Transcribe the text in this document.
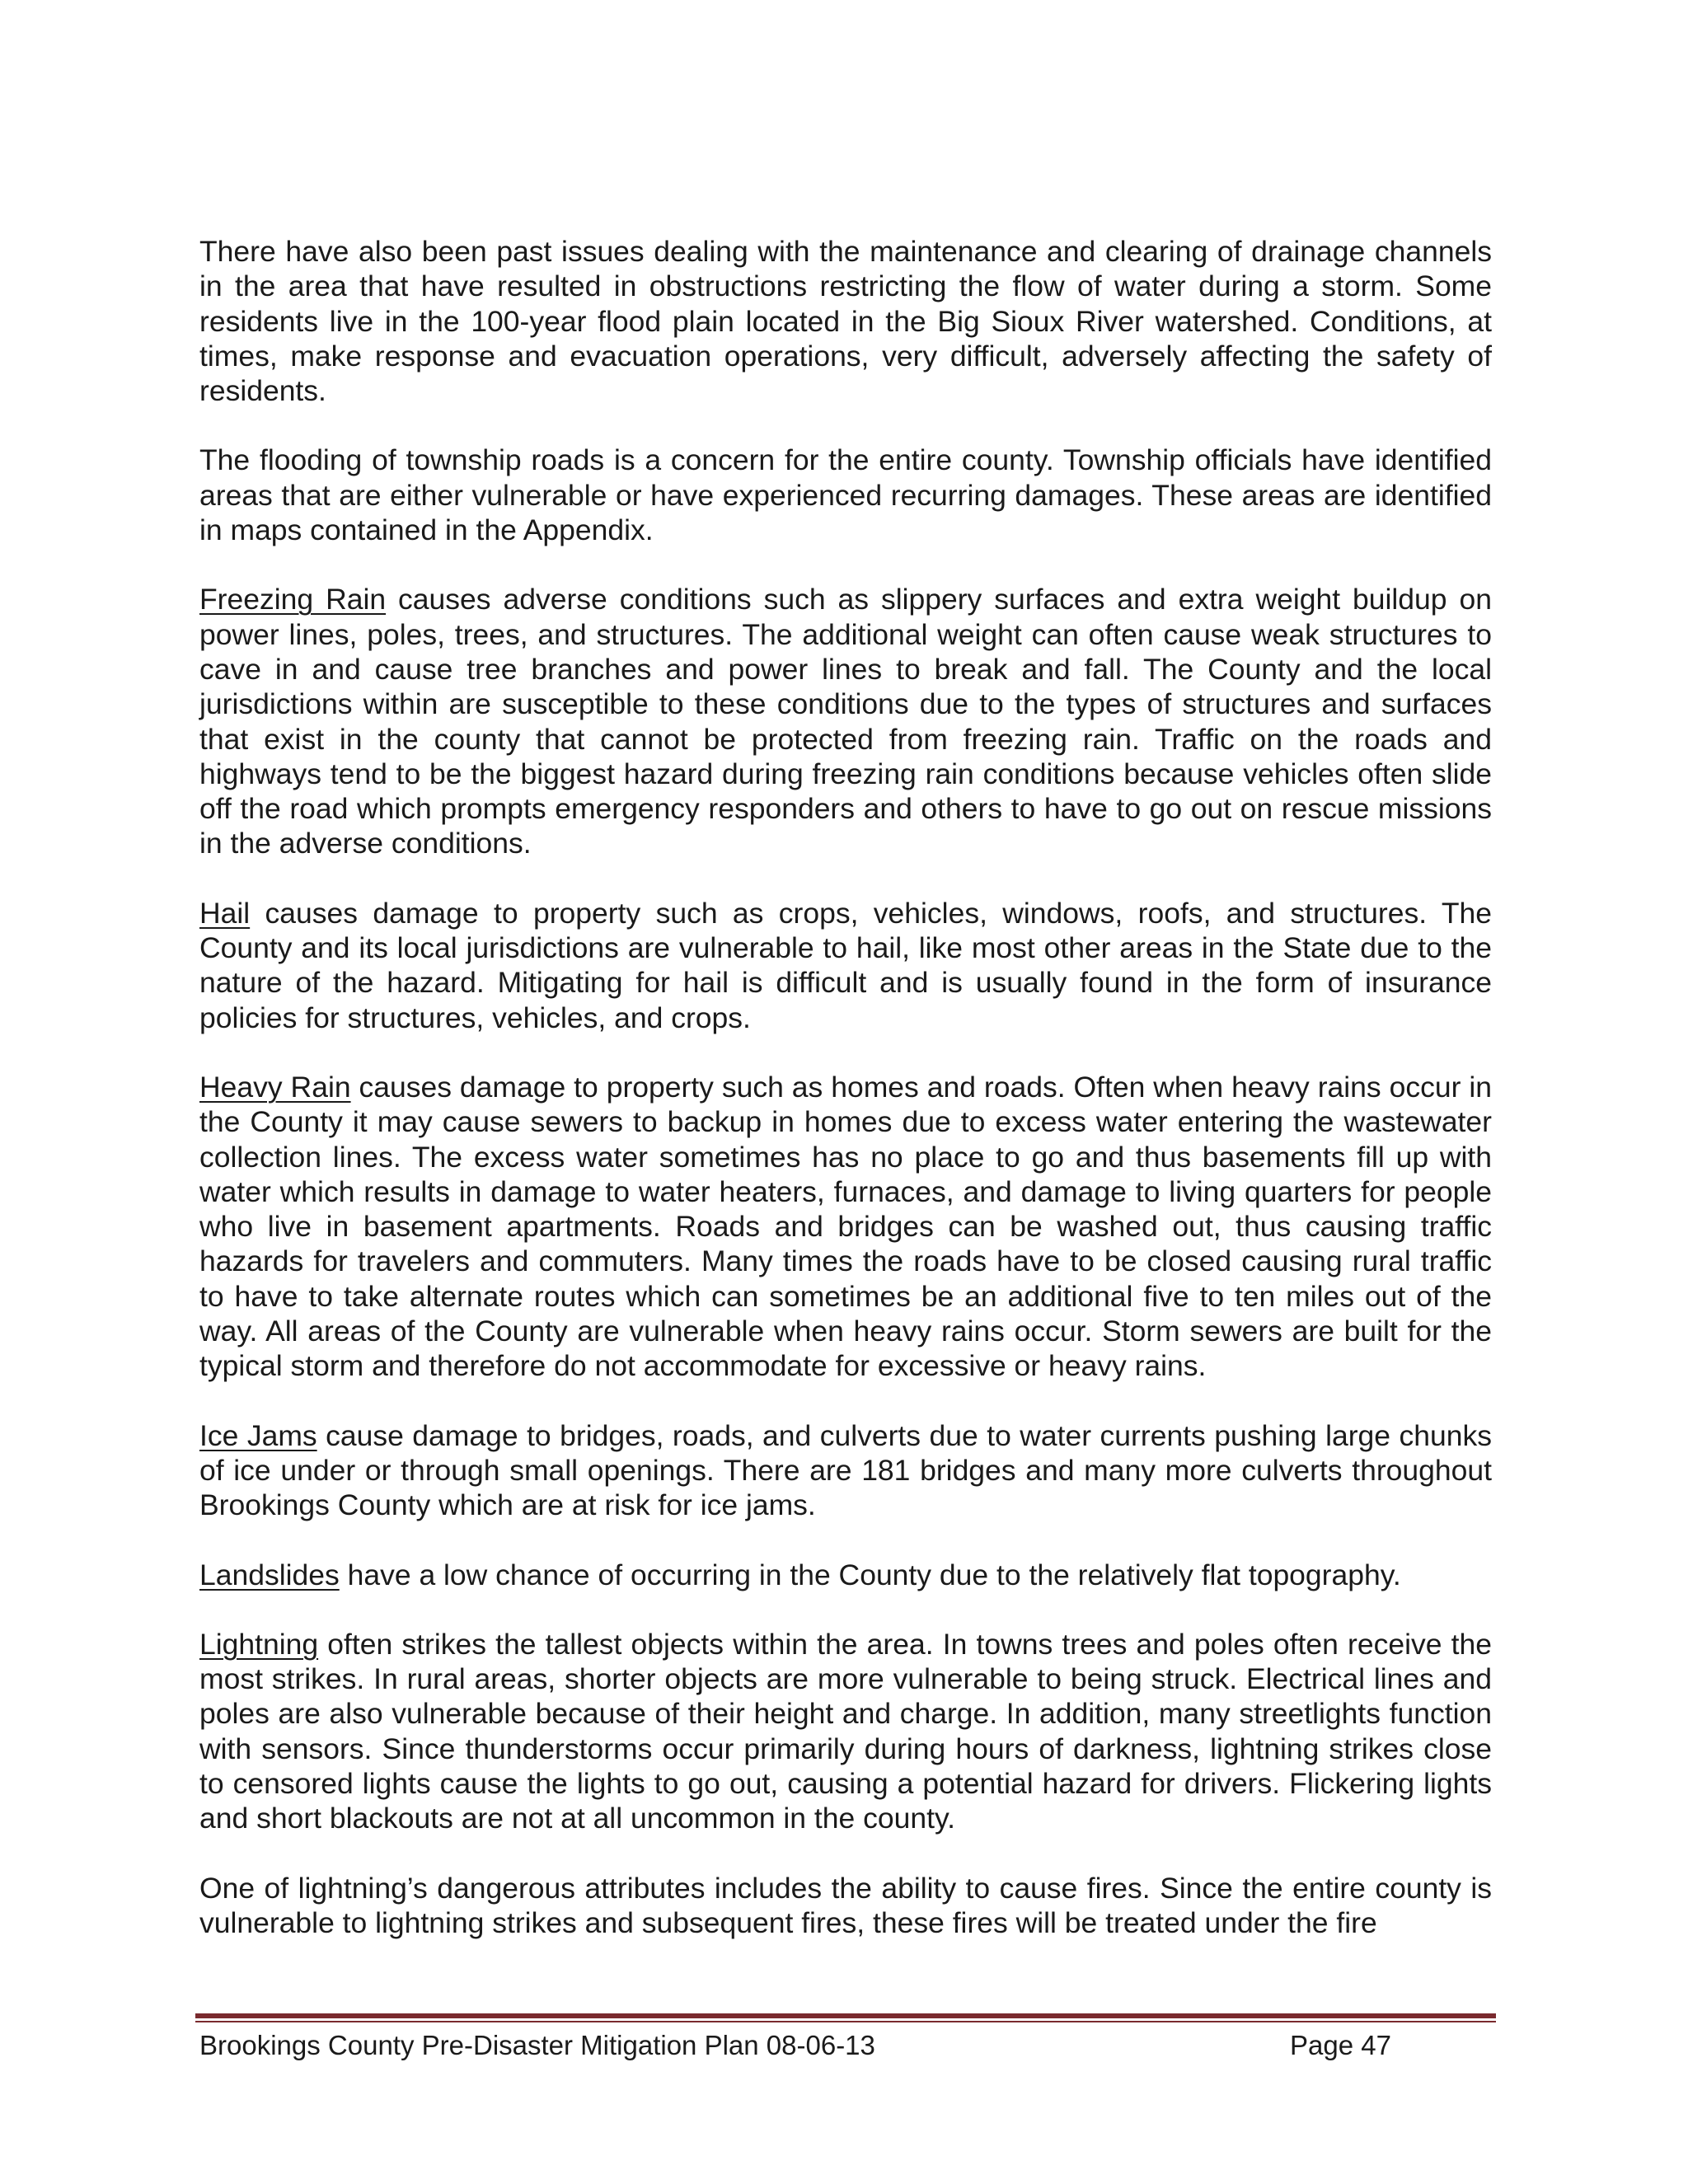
There have also been past issues dealing with the maintenance and clearing of drainage channels in the area that have resulted in obstructions restricting the flow of water during a storm. Some residents live in the 100-year flood plain located in the Big Sioux River watershed. Conditions, at times, make response and evacuation operations, very difficult, adversely affecting the safety of residents.

The flooding of township roads is a concern for the entire county. Township officials have identified areas that are either vulnerable or have experienced recurring damages. These areas are identified in maps contained in the Appendix.

Freezing Rain causes adverse conditions such as slippery surfaces and extra weight buildup on power lines, poles, trees, and structures. The additional weight can often cause weak structures to cave in and cause tree branches and power lines to break and fall. The County and the local jurisdictions within are susceptible to these conditions due to the types of structures and surfaces that exist in the county that cannot be protected from freezing rain. Traffic on the roads and highways tend to be the biggest hazard during freezing rain conditions because vehicles often slide off the road which prompts emergency responders and others to have to go out on rescue missions in the adverse conditions.

Hail causes damage to property such as crops, vehicles, windows, roofs, and structures. The County and its local jurisdictions are vulnerable to hail, like most other areas in the State due to the nature of the hazard. Mitigating for hail is difficult and is usually found in the form of insurance policies for structures, vehicles, and crops.

Heavy Rain causes damage to property such as homes and roads. Often when heavy rains occur in the County it may cause sewers to backup in homes due to excess water entering the wastewater collection lines. The excess water sometimes has no place to go and thus basements fill up with water which results in damage to water heaters, furnaces, and damage to living quarters for people who live in basement apartments. Roads and bridges can be washed out, thus causing traffic hazards for travelers and commuters. Many times the roads have to be closed causing rural traffic to have to take alternate routes which can sometimes be an additional five to ten miles out of the way. All areas of the County are vulnerable when heavy rains occur. Storm sewers are built for the typical storm and therefore do not accommodate for excessive or heavy rains.

Ice Jams cause damage to bridges, roads, and culverts due to water currents pushing large chunks of ice under or through small openings. There are 181 bridges and many more culverts throughout Brookings County which are at risk for ice jams.

Landslides have a low chance of occurring in the County due to the relatively flat topography.

Lightning often strikes the tallest objects within the area. In towns trees and poles often receive the most strikes. In rural areas, shorter objects are more vulnerable to being struck. Electrical lines and poles are also vulnerable because of their height and charge. In addition, many streetlights function with sensors. Since thunderstorms occur primarily during hours of darkness, lightning strikes close to censored lights cause the lights to go out, causing a potential hazard for drivers. Flickering lights and short blackouts are not at all uncommon in the county.

One of lightning’s dangerous attributes includes the ability to cause fires. Since the entire county is vulnerable to lightning strikes and subsequent fires, these fires will be treated under the fire

Brookings County Pre-Disaster Mitigation Plan 08-06-13	Page 47
